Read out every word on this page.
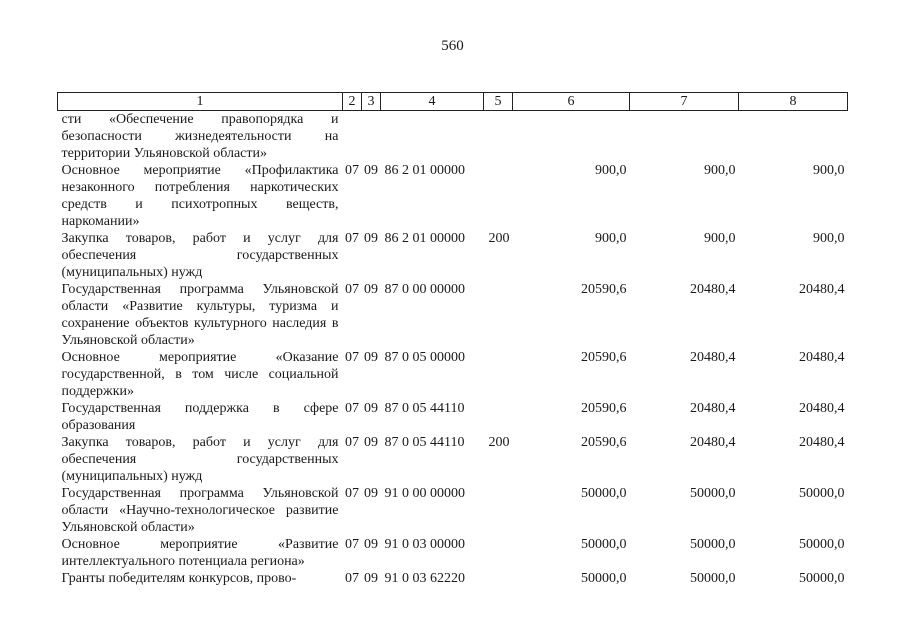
560
1	2	3	4	5	6	7	8
сти «Обеспечение правопорядка и безопасности жизнедеятельности на территории Ульяновской области»							
Основное мероприятие «Профилактика незаконного потребления наркотических средств и психотропных веществ, наркомании»	07	09	86 2 01 00000		900,0	900,0	900,0
Закупка товаров, работ и услуг для обеспечения государственных (муниципальных) нужд	07	09	86 2 01 00000	200	900,0	900,0	900,0
Государственная программа Ульяновской области «Развитие культуры, туризма и сохранение объектов культурного наследия в Ульяновской области»	07	09	87 0 00 00000		20590,6	20480,4	20480,4
Основное мероприятие «Оказание государственной, в том числе социальной поддержки»	07	09	87 0 05 00000		20590,6	20480,4	20480,4
Государственная поддержка в сфере образования	07	09	87 0 05 44110		20590,6	20480,4	20480,4
Закупка товаров, работ и услуг для обеспечения государственных (муниципальных) нужд	07	09	87 0 05 44110	200	20590,6	20480,4	20480,4
Государственная программа Ульяновской области «Научно-технологическое развитие Ульяновской области»	07	09	91 0 00 00000		50000,0	50000,0	50000,0
Основное мероприятие «Развитие интеллектуального потенциала региона»	07	09	91 0 03 00000		50000,0	50000,0	50000,0
Гранты победителям конкурсов, прово-	07	09	91 0 03 62220		50000,0	50000,0	50000,0
